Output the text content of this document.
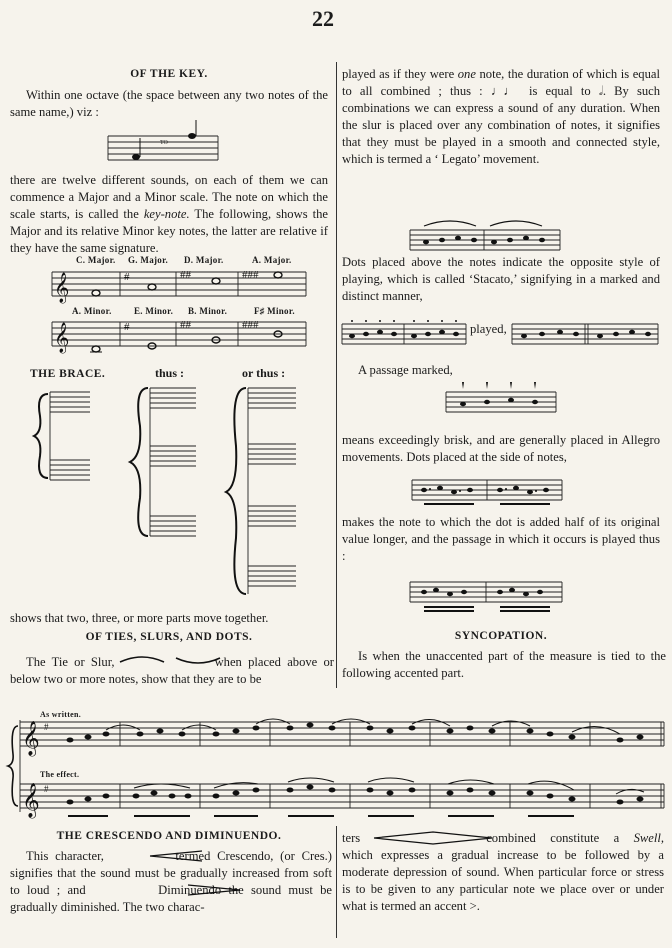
22
OF THE KEY.

Within one octave (the space between any two notes of the same name,) viz :

TO

there are twelve different sounds, on each of them we can commence a Major and a Minor scale. The note on which the scale starts, is called the key-note. The following, shows the Major and its relative Minor key notes, the latter are relative if they have the same signature.

C. Major. G. Major. D. Major.	A. Major.
𝄞	#	##	###
A. Minor. E. Minor. B. Minor.	F♯ Minor.
𝄞	#	##	###
THE BRACE.	thus :	or thus :

shows that two, three, or more parts move together.

OF TIES, SLURS, AND DOTS.

The Tie or Slur,	when placed above or below two or more notes, show that they are to be

played as if they were one note, the duration of which is equal to all combined ; thus : ♩♩ is equal to 𝅗𝅥. By such combinations we can express a sound of any duration. When the slur is placed over any combination of notes, it signifies that they must be played in a smooth and connected style, which is termed a ‘ Legato’ movement.

Dots placed above the notes indicate the opposite style of playing, which is called ‘Stacato,’ signifying in a marked and distinct manner,

played,

A passage marked,

means exceedingly brisk, and are generally placed in Allegro movements. Dots placed at the side of notes,

makes the note to which the dot is added half of its original value longer, and the passage in which it occurs is played thus :

SYNCOPATION.

Is when the unaccented part of the measure is tied to the following accented part.

As written.
The effect.
𝄞
𝄞
#
#
THE CRESCENDO AND DIMINUENDO.

This character,	termed Crescendo, (or Cres.) signifies that the sound must be gradually increased from soft to loud ; and	Diminuendo the sound must be gradually diminished. The two charac-

ters	combined constitute a Swell, which expresses a gradual increase to be followed by a moderate depression of sound. When particular force or stress is to be given to any particular note we place over or under what is termed an accent >.
